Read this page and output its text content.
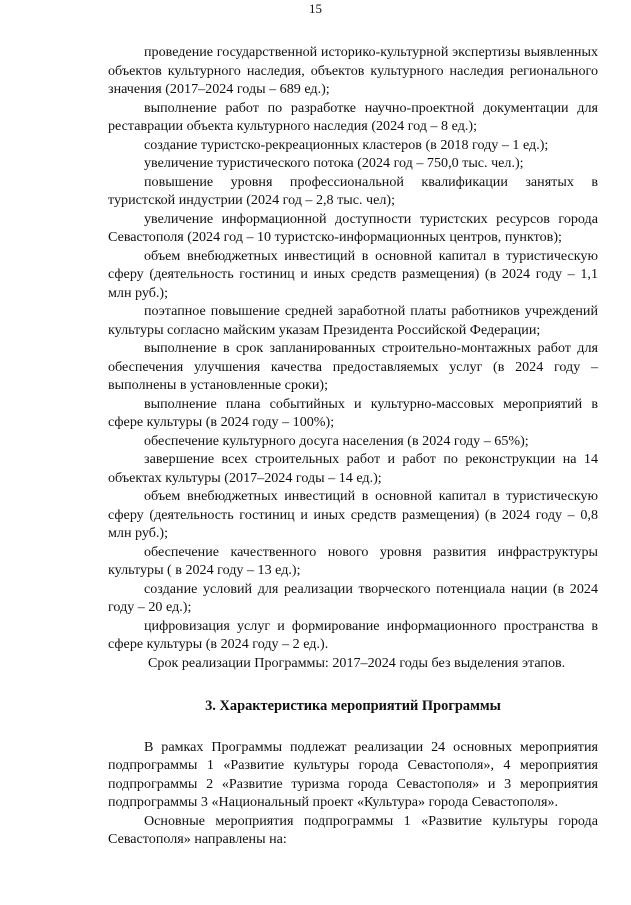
15

проведение государственной историко-культурной экспертизы выявленных объектов культурного наследия, объектов культурного наследия регионального значения (2017–2024 годы – 689 ед.);

выполнение работ по разработке научно-проектной документации для реставрации объекта культурного наследия (2024 год – 8 ед.);

создание туристско-рекреационных кластеров (в 2018 году – 1 ед.);

увеличение туристического потока (2024 год – 750,0 тыс. чел.);

повышение уровня профессиональной квалификации занятых в туристской индустрии (2024 год – 2,8 тыс. чел);

увеличение информационной доступности туристских ресурсов города Севастополя (2024 год – 10 туристско-информационных центров, пунктов);

объем внебюджетных инвестиций в основной капитал в туристическую сферу (деятельность гостиниц и иных средств размещения) (в 2024 году – 1,1 млн руб.);

поэтапное повышение средней заработной платы работников учреждений культуры согласно майским указам Президента Российской Федерации;

выполнение в срок запланированных строительно-монтажных работ для обеспечения улучшения качества предоставляемых услуг (в 2024 году – выполнены в установленные сроки);

выполнение плана событийных и культурно-массовых мероприятий в сфере культуры (в 2024 году – 100%);

обеспечение культурного досуга населения (в 2024 году – 65%);

завершение всех строительных работ и работ по реконструкции на 14 объектах культуры (2017–2024 годы – 14 ед.);

объем внебюджетных инвестиций в основной капитал в туристическую сферу (деятельность гостиниц и иных средств размещения) (в 2024 году – 0,8 млн руб.);

обеспечение качественного нового уровня развития инфраструктуры культуры ( в 2024 году – 13 ед.);

создание условий для реализации творческого потенциала нации (в 2024 году – 20 ед.);

цифровизация услуг и формирование информационного пространства в сфере культуры (в 2024 году – 2 ед.).

Срок реализации Программы: 2017–2024 годы без выделения этапов.

3. Характеристика мероприятий Программы

В рамках Программы подлежат реализации 24 основных мероприятия подпрограммы 1 «Развитие культуры города Севастополя», 4 мероприятия подпрограммы 2 «Развитие туризма города Севастополя» и 3 мероприятия подпрограммы 3 «Национальный проект «Культура» города Севастополя».

Основные мероприятия подпрограммы 1 «Развитие культуры города Севастополя» направлены на:
